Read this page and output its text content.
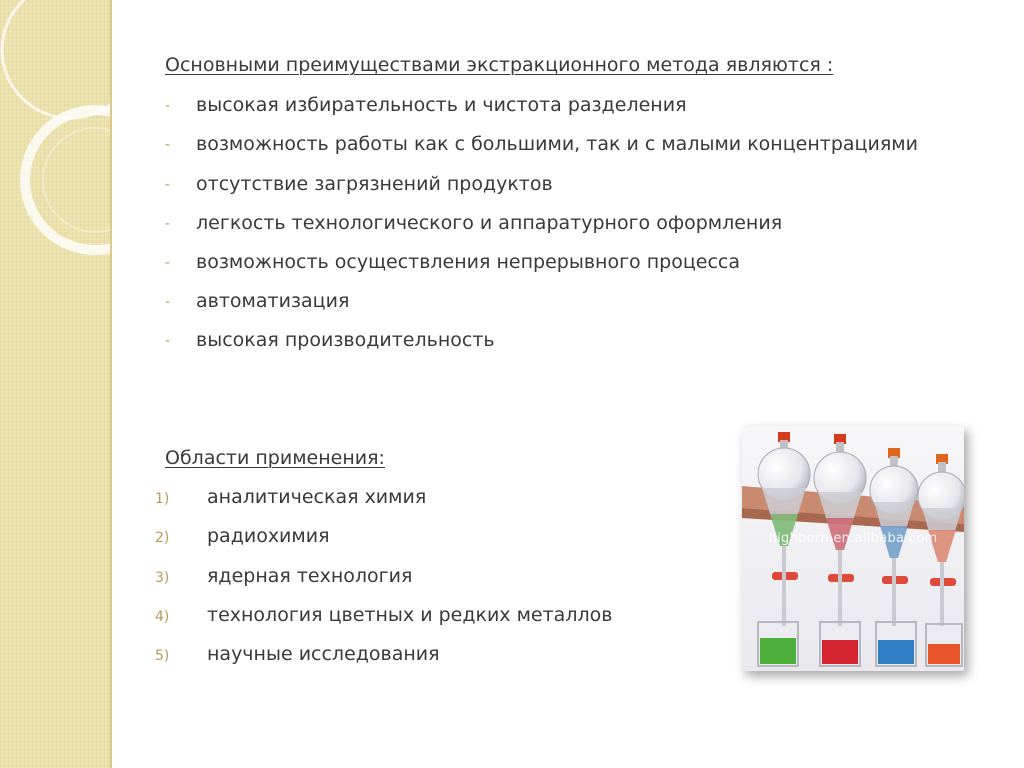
Основными преимуществами экстракционного метода являются :
- высокая избирательность и чистота разделения
- возможность работы как с большими, так и с малыми концентрациями
- отсутствие загрязнений продуктов
- легкость технологического и аппаратурного оформления
- возможность осуществления непрерывного процесса
- автоматизация
- высокая производительность
Области применения:
1) аналитическая химия
2) радиохимия
3) ядерная технология
4) технология цветных и редких металлов
5) научные исследования
highborn.en.alibaba.com
